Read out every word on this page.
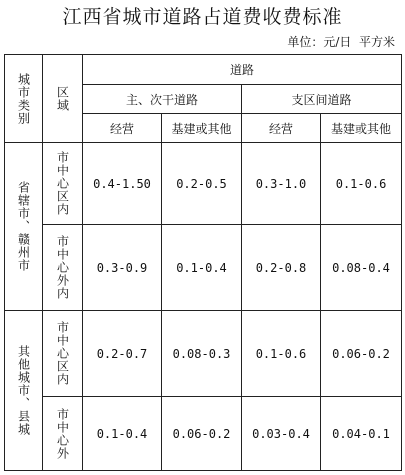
江西省城市道路占道费收费标准
单位：元/日  平方米
城市类别	区域	道路			
		主、次干道路		支区间道路	
		经营	基建或其他	经营	基建或其他

省辖市、赣州市	市中心区内	0.4-1.50	0.2-0.5	0.3-1.0	0.1-0.6

	市中心外内	0.3-0.9	0.1-0.4	0.2-0.8	0.08-0.4

其他城市、县城	市中心区内	0.2-0.7	0.08-0.3	0.1-0.6	0.06-0.2

	市中心外	0.1-0.4	0.06-0.2	0.03-0.4	0.04-0.1
